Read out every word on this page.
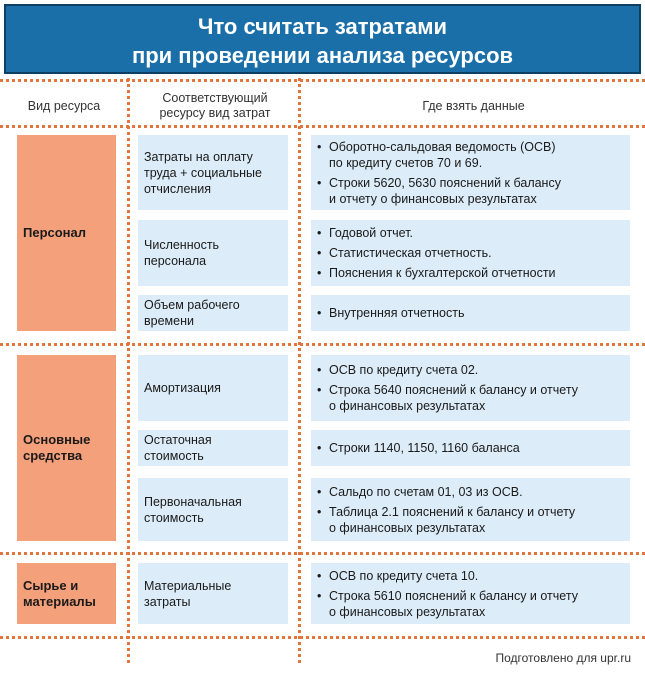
Что считать затратами
при проведении анализа ресурсов
Вид ресурса
Соответствующий
ресурсу вид затрат	Где взять данные
Персонал
Затраты на оплату
труда + социальные
отчисления
• Оборотно-сальдовая ведомость (ОСВ)
по кредиту счетов 70 и 69.
• Строки 5620, 5630 пояснений к балансу
и отчету о финансовых результатах
Численность
персонала
• Годовой отчет.
• Статистическая отчетность.
• Пояснения к бухгалтерской отчетности
Объем рабочего
времени
• Внутренняя отчетность
Основные
средства
Амортизация
• ОСВ по кредиту счета 02.
• Строка 5640 пояснений к балансу и отчету
о финансовых результатах
Остаточная
стоимость
• Строки 1140, 1150, 1160 баланса
Первоначальная
стоимость
• Сальдо по счетам 01, 03 из ОСВ.
• Таблица 2.1 пояснений к балансу и отчету
о финансовых результатах
Сырье и
материалы
Материальные
затраты
• ОСВ по кредиту счета 10.
• Строка 5610 пояснений к балансу и отчету
о финансовых результатах
Подготовлено для upr.ru
